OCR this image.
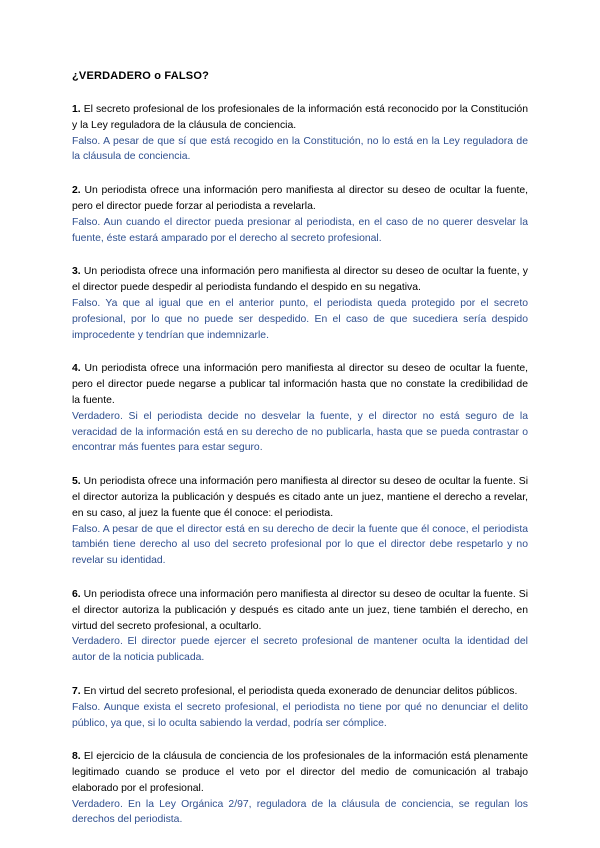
¿VERDADERO o FALSO?
1. El secreto profesional de los profesionales de la información está reconocido por la Constitución y la Ley reguladora de la cláusula de conciencia.
Falso. A pesar de que sí que está recogido en la Constitución, no lo está en la Ley reguladora de la cláusula de conciencia.
2. Un periodista ofrece una información pero manifiesta al director su deseo de ocultar la fuente, pero el director puede forzar al periodista a revelarla.
Falso. Aun cuando el director pueda presionar al periodista, en el caso de no querer desvelar la fuente, éste estará amparado por el derecho al secreto profesional.
3. Un periodista ofrece una información pero manifiesta al director su deseo de ocultar la fuente, y el director puede despedir al periodista fundando el despido en su negativa.
Falso. Ya que al igual que en el anterior punto, el periodista queda protegido por el secreto profesional, por lo que no puede ser despedido. En el caso de que sucediera sería despido improcedente y tendrían que indemnizarle.
4. Un periodista ofrece una información pero manifiesta al director su deseo de ocultar la fuente, pero el director puede negarse a publicar tal información hasta que no constate la credibilidad de la fuente.
Verdadero. Si el periodista decide no desvelar la fuente, y el director no está seguro de la veracidad de la información está en su derecho de no publicarla, hasta que se pueda contrastar o encontrar más fuentes para estar seguro.
5. Un periodista ofrece una información pero manifiesta al director su deseo de ocultar la fuente. Si el director autoriza la publicación y después es citado ante un juez, mantiene el derecho a revelar, en su caso, al juez la fuente que él conoce: el periodista.
Falso. A pesar de que el director está en su derecho de decir la fuente que él conoce, el periodista también tiene derecho al uso del secreto profesional por lo que el director debe respetarlo y no revelar su identidad.
6. Un periodista ofrece una información pero manifiesta al director su deseo de ocultar la fuente. Si el director autoriza la publicación y después es citado ante un juez, tiene también el derecho, en virtud del secreto profesional, a ocultarlo.
Verdadero. El director puede ejercer el secreto profesional de mantener oculta la identidad del autor de la noticia publicada.
7. En virtud del secreto profesional, el periodista queda exonerado de denunciar delitos públicos.
Falso. Aunque exista el secreto profesional, el periodista no tiene por qué no denunciar el delito público, ya que, si lo oculta sabiendo la verdad, podría ser cómplice.
8. El ejercicio de la cláusula de conciencia de los profesionales de la información está plenamente legitimado cuando se produce el veto por el director del medio de comunicación al trabajo elaborado por el profesional.
Verdadero. En la Ley Orgánica 2/97, reguladora de la cláusula de conciencia, se regulan los derechos del periodista.
